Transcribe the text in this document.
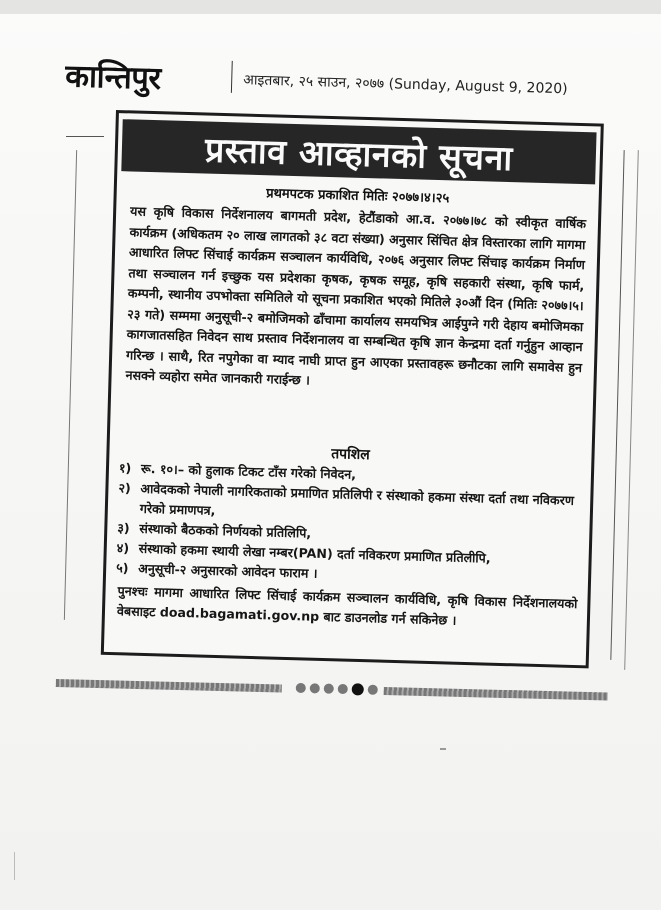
कान्तिपुर	आइतबार, २५ साउन, २०७७ (Sunday, August 9, 2020)
प्रस्ताव आव्हानको सूचना
प्रथमपटक प्रकाशित मितिः २०७७।४।२५
यस कृषि विकास निर्देशनालय बागमती प्रदेश, हेटौंडाको आ.व. २०७७।७८ को स्वीकृत वार्षिक कार्यक्रम (अधिकतम २० लाख लागतको ३८ वटा संख्या) अनुसार सिंचित क्षेत्र विस्तारका लागि मागमा आधारित लिफ्ट सिंचाई कार्यक्रम सञ्चालन कार्यविधि, २०७६ अनुसार लिफ्ट सिंचाइ कार्यक्रम निर्माण तथा सञ्चालन गर्न इच्छुक यस प्रदेशका कृषक, कृषक समूह, कृषि सहकारी संस्था, कृषि फार्म, कम्पनी, स्थानीय उपभोक्ता समितिले यो सूचना प्रकाशित भएको मितिले ३०औं दिन (मितिः २०७७।५।२३ गते) सम्ममा अनुसूची-२ बमोजिमको ढाँचामा कार्यालय समयभित्र आईपुग्ने गरी देहाय बमोजिमका कागजातसहित निवेदन साथ प्रस्ताव निर्देशनालय वा सम्बन्धित कृषि ज्ञान केन्द्रमा दर्ता गर्नुहुन आव्हान गरिन्छ । साथै, रित नपुगेका वा म्याद नाघी प्राप्त हुन आएका प्रस्तावहरू छनौटका लागि समावेस हुन नसक्ने व्यहोरा समेत जानकारी गराईन्छ ।
तपशिल
१) रू. १०।– को हुलाक टिकट टाँस गरेको निवेदन,
२) आवेदकको नेपाली नागरिकताको प्रमाणित प्रतिलिपी र संस्थाको हकमा संस्था दर्ता तथा नविकरण गरेको प्रमाणपत्र,
३) संस्थाको बैठकको निर्णयको प्रतिलिपि,
४) संस्थाको हकमा स्थायी लेखा नम्बर(PAN) दर्ता नविकरण प्रमाणित प्रतिलीपि,
५) अनुसूची-२ अनुसारको आवेदन फाराम ।
पुनश्चः मागमा आधारित लिफ्ट सिंचाई कार्यक्रम सञ्चालन कार्यविधि, कृषि विकास निर्देशनालयको वेबसाइट doad.bagamati.gov.np बाट डाउनलोड गर्न सकिनेछ ।
